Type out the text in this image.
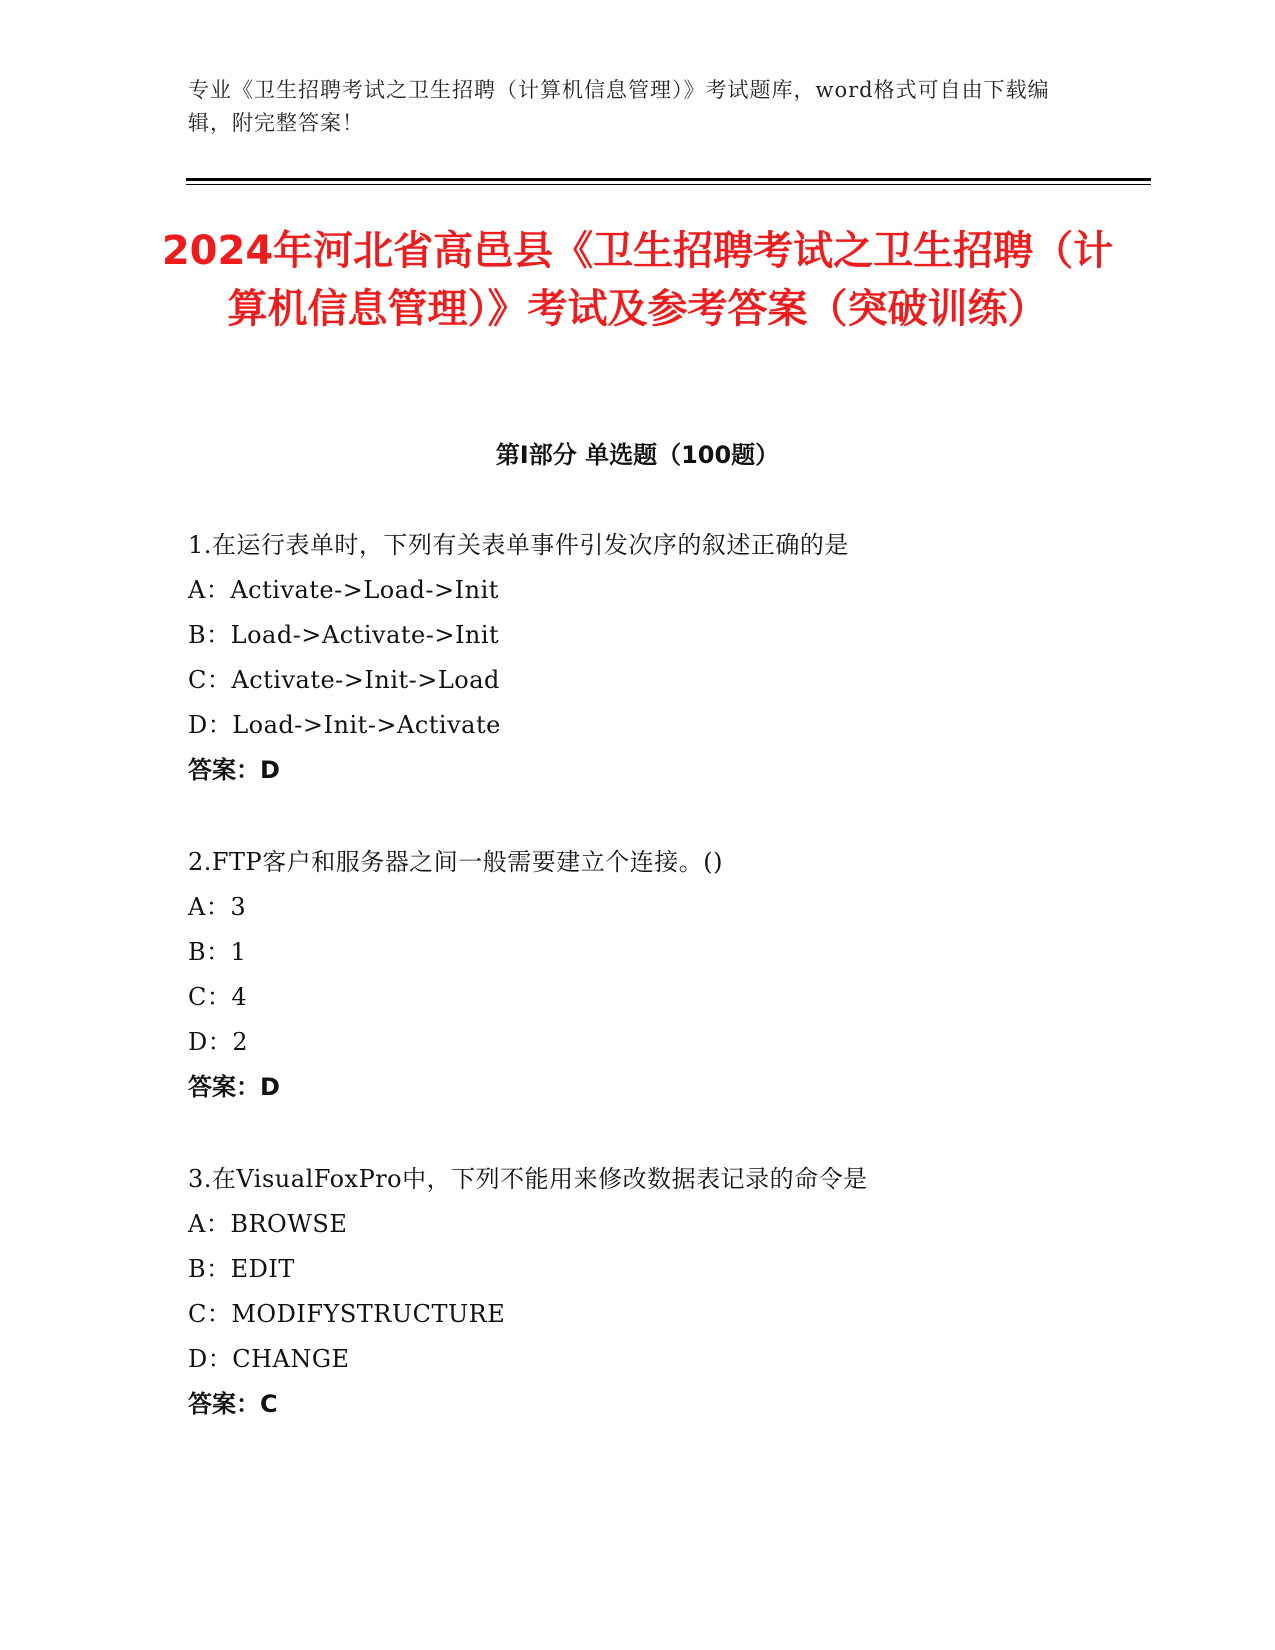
专业《卫生招聘考试之卫生招聘（计算机信息管理）》考试题库，word格式可自由下载编辑，附完整答案！
2024年河北省高邑县《卫生招聘考试之卫生招聘（计算机信息管理）》考试及参考答案（突破训练）
第I部分 单选题（100题）
1.在运行表单时，下列有关表单事件引发次序的叙述正确的是
A：Activate->Load->Init
B：Load->Activate->Init
C：Activate->Init->Load
D：Load->Init->Activate
答案：D
2.FTP客户和服务器之间一般需要建立个连接。()
A：3
B：1
C：4
D：2
答案：D
3.在VisualFoxPro中，下列不能用来修改数据表记录的命令是
A：BROWSE
B：EDIT
C：MODIFYSTRUCTURE
D：CHANGE
答案：C
